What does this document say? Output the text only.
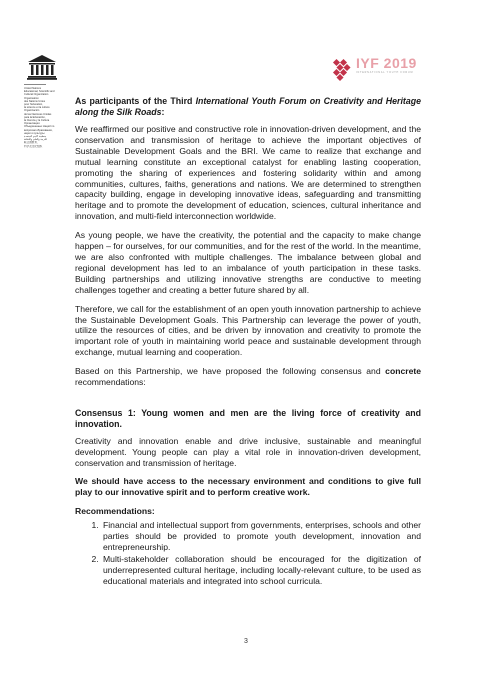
United Nations
Educational, Scientific and
Cultural Organization
Organisation
des Nations Unies
pour l'éducation,
la science et la culture
Organización
de las Naciones Unidas
para la Educación,
la Ciencia y la Cultura
Организация
Объединенных Наций по
вопросам образования,
науки и культуры
منظمة الأمم المتحدة
للتربية والعلم والثقافة
联合国教育、
科学及文化组织
IYF 2019
INTERNATIONAL YOUTH FORUM

As participants of the Third International Youth Forum on Creativity and Heritage along the Silk Roads:

We reaffirmed our positive and constructive role in innovation-driven development, and the conservation and transmission of heritage to achieve the important objectives of Sustainable Development Goals and the BRI. We came to realize that exchange and mutual learning constitute an exceptional catalyst for enabling lasting cooperation, promoting the sharing of experiences and fostering solidarity within and among communities, cultures, faiths, generations and nations. We are determined to strengthen capacity building, engage in developing innovative ideas, safeguarding and transmitting heritage and to promote the development of education, sciences, cultural inheritance and innovation, and multi-field interconnection worldwide.

As young people, we have the creativity, the potential and the capacity to make change happen – for ourselves, for our communities, and for the rest of the world. In the meantime, we are also confronted with multiple challenges. The imbalance between global and regional development has led to an imbalance of youth participation in these tasks. Building partnerships and utilizing innovative strengths are conductive to meeting challenges together and creating a better future shared by all.

Therefore, we call for the establishment of an open youth innovation partnership to achieve the Sustainable Development Goals. This Partnership can leverage the power of youth, utilize the resources of cities, and be driven by innovation and creativity to promote the important role of youth in maintaining world peace and sustainable development through exchange, mutual learning and cooperation.

Based on this Partnership, we have proposed the following consensus and concrete recommendations:

Consensus 1: Young women and men are the living force of creativity and innovation.

Creativity and innovation enable and drive inclusive, sustainable and meaningful development. Young people can play a vital role in innovation-driven development, conservation and transmission of heritage.

We should have access to the necessary environment and conditions to give full play to our innovative spirit and to perform creative work.

Recommendations:

1. Financial and intellectual support from governments, enterprises, schools and other parties should be provided to promote youth development, innovation and entrepreneurship.
2. Multi-stakeholder collaboration should be encouraged for the digitization of underrepresented cultural heritage, including locally-relevant culture, to be used as educational materials and integrated into school curricula.
3
